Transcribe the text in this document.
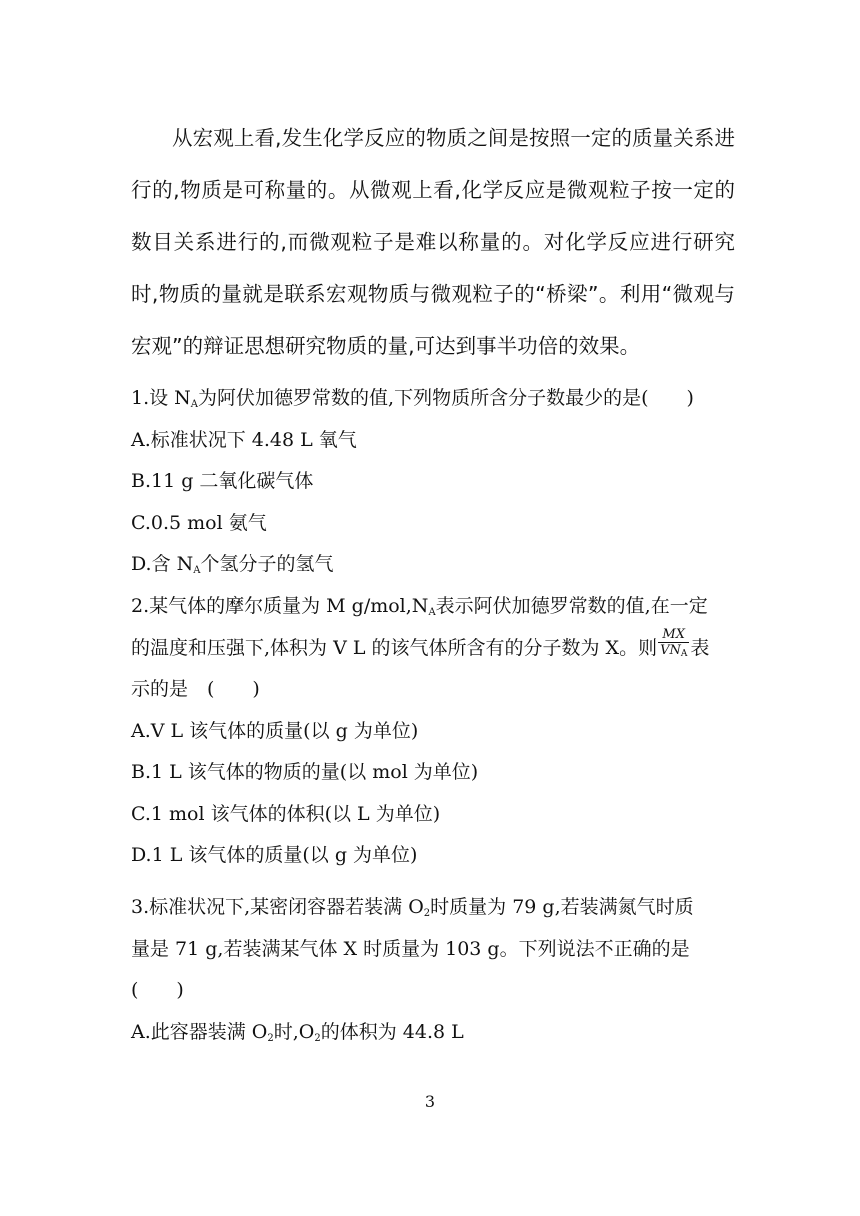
从宏观上看,发生化学反应的物质之间是按照一定的质量关系进行的,物质是可称量的。从微观上看,化学反应是微观粒子按一定的数目关系进行的,而微观粒子是难以称量的。对化学反应进行研究时,物质的量就是联系宏观物质与微观粒子的“桥梁”。利用“微观与宏观”的辩证思想研究物质的量,可达到事半功倍的效果。

1.设 $N_A$为阿伏加德罗常数的值,下列物质所含分子数最少的是(　　)
A.标准状况下 4.48 L 氧气
B.11 g 二氧化碳气体
C.0.5 mol 氨气
D.含 $N_A$个氢分子的氢气
2.某气体的摩尔质量为 M $g/mol,N_A$表示阿伏加德罗常数的值,在一定
的温度和压强下,体积为 V L 的该气体所含有的分子数为 X。则 $\frac{MX}{VN_A}$ 表
示的是　(　　)
A.V L 该气体的质量(以 g 为单位)
B.1 L 该气体的物质的量(以 mol 为单位)
C.1 mol 该气体的体积(以 L 为单位)
D.1 L 该气体的质量(以 g 为单位)
3.标准状况下,某密闭容器若装满 $O_2$时质量为 79 g,若装满氮气时质
量是 71 g,若装满某气体 X 时质量为 103 g。下列说法不正确的是
(　　)
A.此容器装满 $O_2$时$,O_2$的体积为 44.8 L
3
